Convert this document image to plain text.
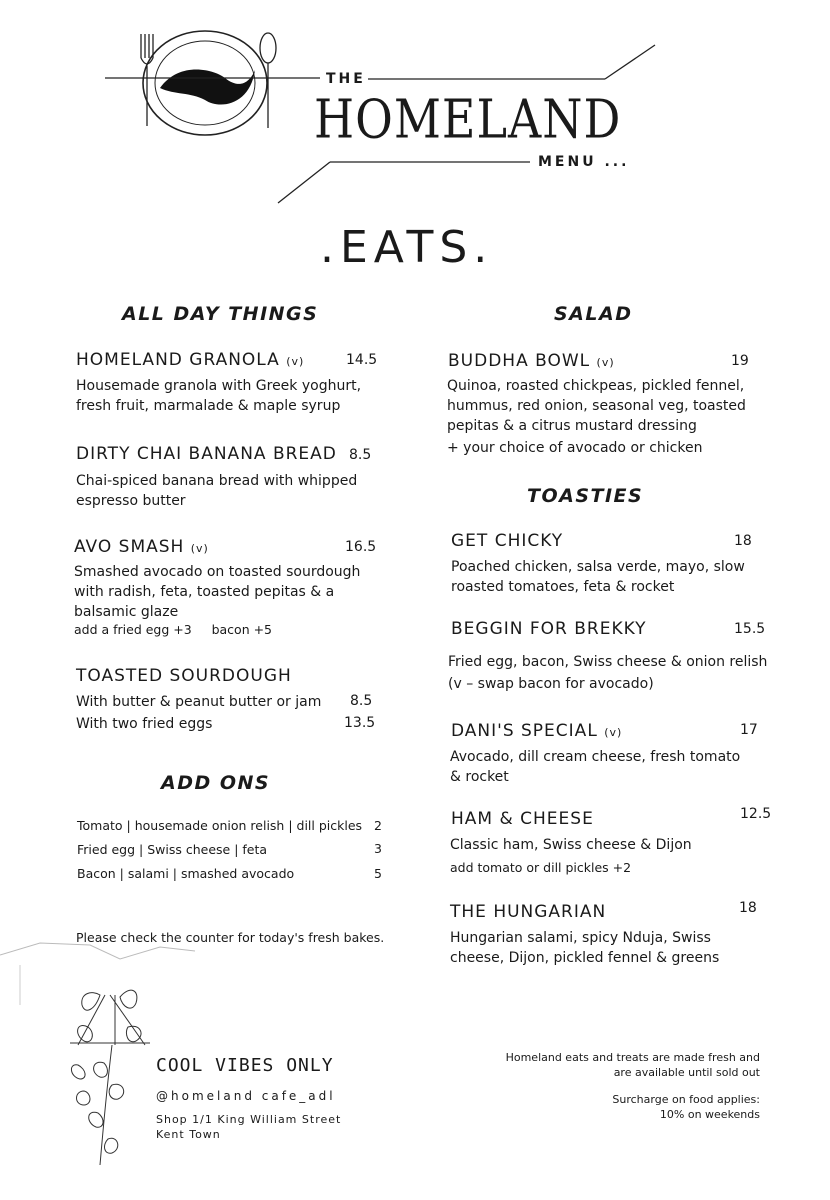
THE
HOMELAND
MENU ...
.EATS.
ALL DAY THINGS
HOMELAND GRANOLA (v)	14.5
Housemade granola with Greek yoghurt,
fresh fruit, marmalade & maple syrup
DIRTY CHAI BANANA BREAD 8.5
Chai-spiced banana bread with whipped
espresso butter
AVO SMASH (v)	16.5
Smashed avocado on toasted sourdough
with radish, feta, toasted pepitas & a
balsamic glaze
add a fried egg +3     bacon +5
TOASTED SOURDOUGH
With butter & peanut butter or jam 8.5
With two fried eggs	13.5
ADD ONS
Tomato | housemade onion relish | dill pickles 2
Fried egg | Swiss cheese | feta	3
Bacon | salami | smashed avocado	5
Please check the counter for today's fresh bakes.
SALAD
BUDDHA BOWL (v)	19
Quinoa, roasted chickpeas, pickled fennel,
hummus, red onion, seasonal veg, toasted
pepitas & a citrus mustard dressing
+ your choice of avocado or chicken
TOASTIES
GET CHICKY	18
Poached chicken, salsa verde, mayo, slow
roasted tomatoes, feta & rocket
BEGGIN FOR BREKKY	15.5
Fried egg, bacon, Swiss cheese & onion relish
(v – swap bacon for avocado)
DANI'S SPECIAL (v)	17
Avocado, dill cream cheese, fresh tomato
& rocket
HAM & CHEESE	12.5
Classic ham, Swiss cheese & Dijon
add tomato or dill pickles +2
THE HUNGARIAN	18
Hungarian salami, spicy Nduja, Swiss
cheese, Dijon, pickled fennel & greens
COOL VIBES ONLY
@homeland cafe_adl
Shop 1/1 King William Street
Kent Town
Homeland eats and treats are made fresh and
are available until sold out
Surcharge on food applies:
10% on weekends
